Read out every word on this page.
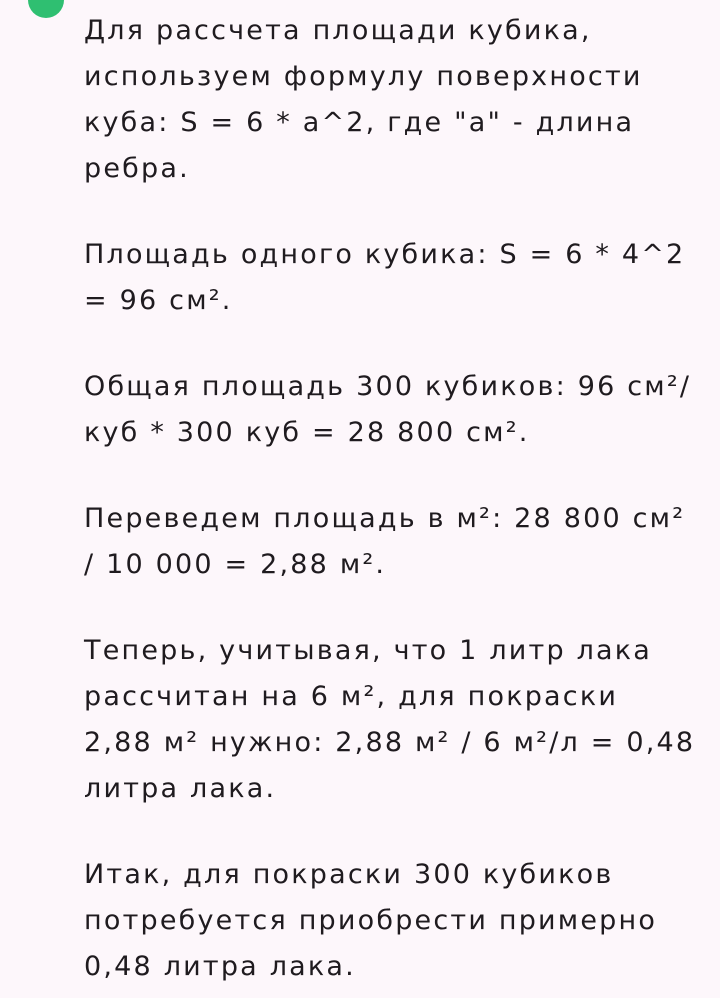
Для рассчета площади кубика, используем формулу поверхности куба: S = 6 * a^2, где "a" - длина ребра.

Площадь одного кубика: S = 6 * 4^2 = 96 см².

Общая площадь 300 кубиков: 96 см²/куб * 300 куб = 28 800 см².

Переведем площадь в м²: 28 800 см² / 10 000 = 2,88 м².

Теперь, учитывая, что 1 литр лака рассчитан на 6 м², для покраски 2,88 м² нужно: 2,88 м² / 6 м²/л = 0,48 литра лака.

Итак, для покраски 300 кубиков потребуется приобрести примерно 0,48 литра лака.
